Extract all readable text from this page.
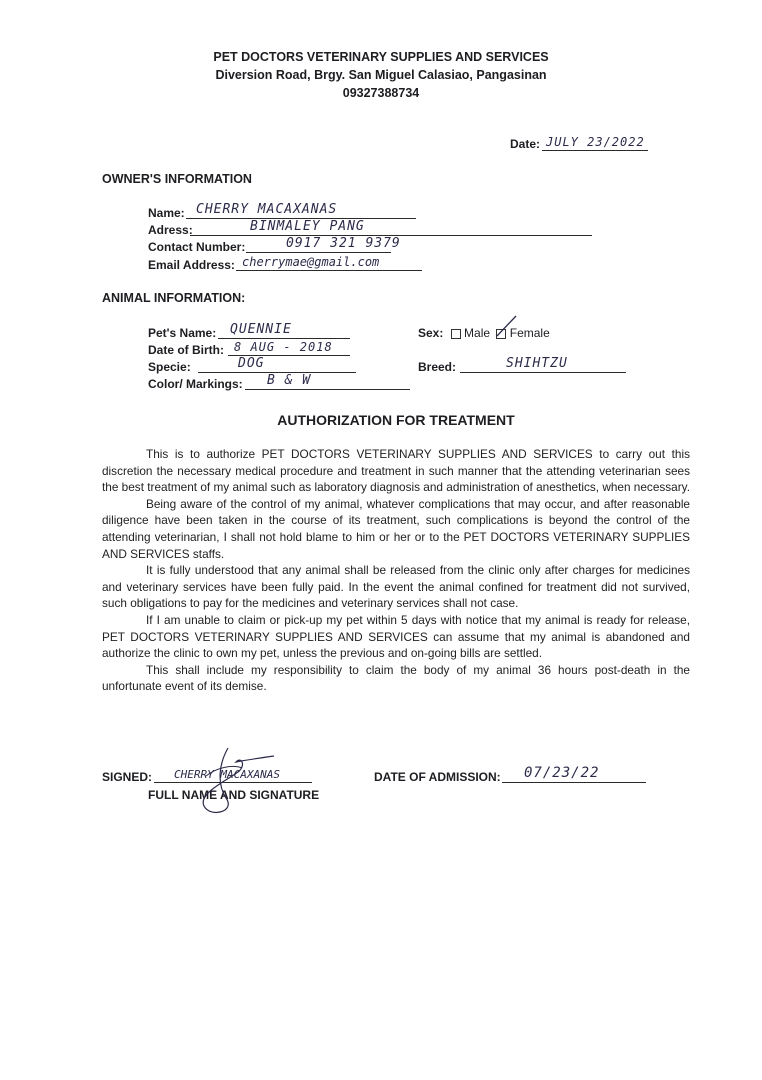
PET DOCTORS VETERINARY SUPPLIES AND SERVICES
Diversion Road, Brgy. San Miguel Calasiao, Pangasinan
09327388734
Date: JULY 23/2022
OWNER'S INFORMATION
Name: CHERRY MACAXANAS
Adress:	BINMALEY PANG
Contact Number:	0917 321 9379
Email Address: cherrymae@gmail.com
ANIMAL INFORMATION:
Pet's Name: QUENNIE
Date of Birth: 8 AUG - 2018
Specie:	DOG
Color/ Markings: B & W
Sex: Male Female
Breed:	SHIHTZU
AUTHORIZATION FOR TREATMENT

This is to authorize PET DOCTORS VETERINARY SUPPLIES AND SERVICES to carry out this discretion the necessary medical procedure and treatment in such manner that the attending veterinarian sees the best treatment of my animal such as laboratory diagnosis and administration of anesthetics, when necessary.

Being aware of the control of my animal, whatever complications that may occur, and after reasonable diligence have been taken in the course of its treatment, such complications is beyond the control of the attending veterinarian, I shall not hold blame to him or her or to the PET DOCTORS VETERINARY SUPPLIES AND SERVICES staffs.

It is fully understood that any animal shall be released from the clinic only after charges for medicines and veterinary services have been fully paid. In the event the animal confined for treatment did not survived, such obligations to pay for the medicines and veterinary services shall not case.

If I am unable to claim or pick-up my pet within 5 days with notice that my animal is ready for release, PET DOCTORS VETERINARY SUPPLIES AND SERVICES can assume that my animal is abandoned and authorize the clinic to own my pet, unless the previous and on-going bills are settled.

This shall include my responsibility to claim the body of my animal 36 hours post-death in the unfortunate event of its demise.

SIGNED: CHERRY MACAXANAS
FULL NAME AND SIGNATURE
DATE OF ADMISSION: 07/23/22
